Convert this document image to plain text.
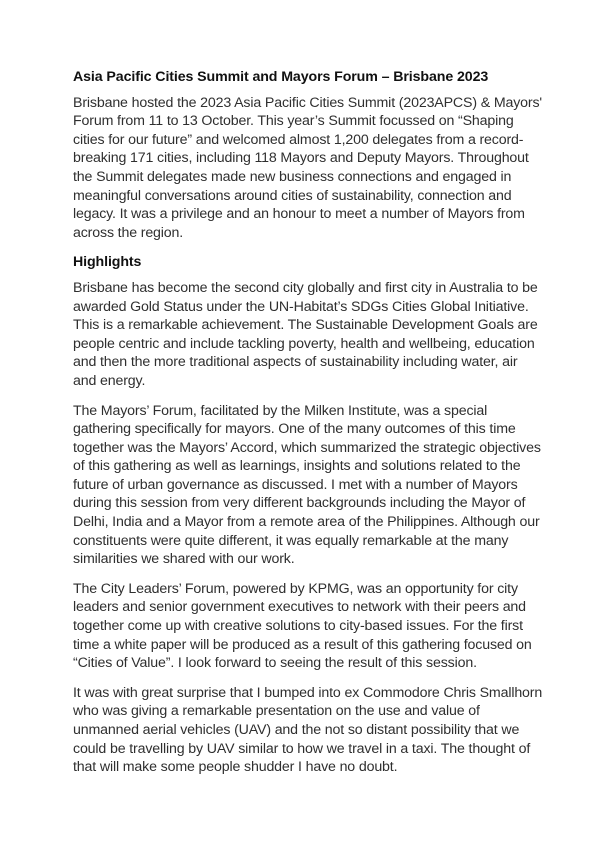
Asia Pacific Cities Summit and Mayors Forum – Brisbane 2023

Brisbane hosted the 2023 Asia Pacific Cities Summit (2023APCS) & Mayors' Forum from 11 to 13 October. This year’s Summit focussed on “Shaping cities for our future” and welcomed almost 1,200 delegates from a record-breaking 171 cities, including 118 Mayors and Deputy Mayors. Throughout the Summit delegates made new business connections and engaged in meaningful conversations around cities of sustainability, connection and legacy. It was a privilege and an honour to meet a number of Mayors from across the region.

Highlights

Brisbane has become the second city globally and first city in Australia to be awarded Gold Status under the UN-Habitat’s SDGs Cities Global Initiative. This is a remarkable achievement. The Sustainable Development Goals are people centric and include tackling poverty, health and wellbeing, education and then the more traditional aspects of sustainability including water, air and energy.

The Mayors’ Forum, facilitated by the Milken Institute, was a special gathering specifically for mayors. One of the many outcomes of this time together was the Mayors’ Accord, which summarized the strategic objectives of this gathering as well as learnings, insights and solutions related to the future of urban governance as discussed. I met with a number of Mayors during this session from very different backgrounds including the Mayor of Delhi, India and a Mayor from a remote area of the Philippines. Although our constituents were quite different, it was equally remarkable at the many similarities we shared with our work.

The City Leaders’ Forum, powered by KPMG, was an opportunity for city leaders and senior government executives to network with their peers and together come up with creative solutions to city-based issues. For the first time a white paper will be produced as a result of this gathering focused on “Cities of Value”. I look forward to seeing the result of this session.

It was with great surprise that I bumped into ex Commodore Chris Smallhorn who was giving a remarkable presentation on the use and value of unmanned aerial vehicles (UAV) and the not so distant possibility that we could be travelling by UAV similar to how we travel in a taxi. The thought of that will make some people shudder I have no doubt.
